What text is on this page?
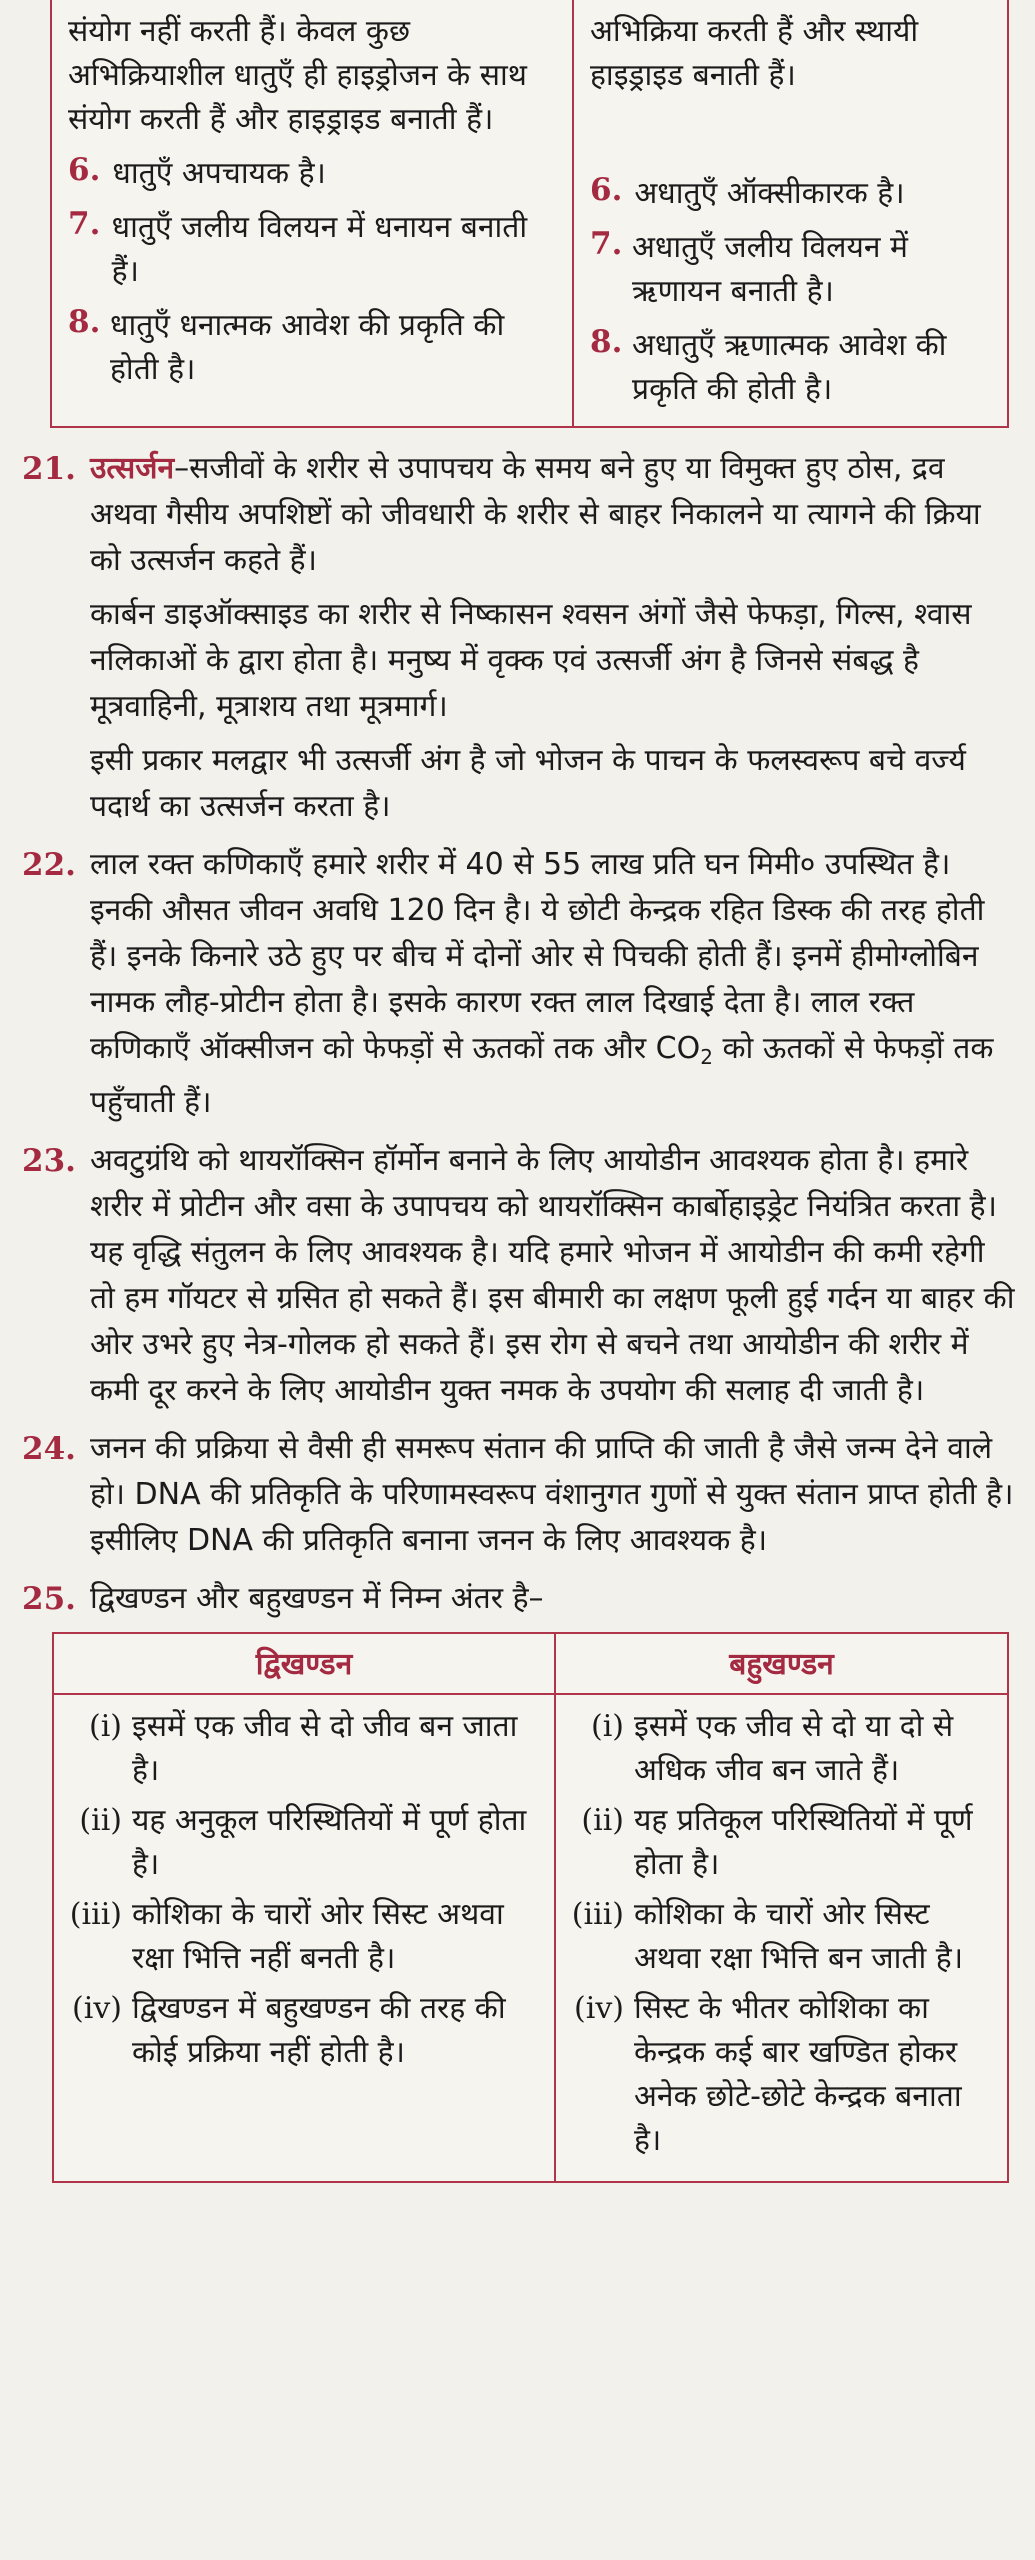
संयोग नहीं करती हैं। केवल कुछ अभिक्रियाशील धातुएँ ही हाइड्रोजन के साथ संयोग करती हैं और हाइड्राइड बनाती हैं।
6. धातुएँ अपचायक है।
7. धातुएँ जलीय विलयन में धनायन बनाती हैं।
8. धातुएँ धनात्मक आवेश की प्रकृति की होती है।
अभिक्रिया करती हैं और स्थायी हाइड्राइड बनाती हैं।
6. अधातुएँ ऑक्सीकारक है।
7. अधातुएँ जलीय विलयन में ऋणायन बनाती है।
8. अधातुएँ ऋणात्मक आवेश की प्रकृति की होती है।
21. उत्सर्जन–सजीवों के शरीर से उपापचय के समय बने हुए या विमुक्त हुए ठोस, द्रव अथवा गैसीय अपशिष्टों को जीवधारी के शरीर से बाहर निकालने या त्यागने की क्रिया को उत्सर्जन कहते हैं।
कार्बन डाइऑक्साइड का शरीर से निष्कासन श्वसन अंगों जैसे फेफड़ा, गिल्स, श्वास नलिकाओं के द्वारा होता है। मनुष्य में वृक्क एवं उत्सर्जी अंग है जिनसे संबद्ध है मूत्रवाहिनी, मूत्राशय तथा मूत्रमार्ग।
इसी प्रकार मलद्वार भी उत्सर्जी अंग है जो भोजन के पाचन के फलस्वरूप बचे वर्ज्य पदार्थ का उत्सर्जन करता है।
22. लाल रक्त कणिकाएँ हमारे शरीर में 40 से 55 लाख प्रति घन मिमी० उपस्थित है। इनकी औसत जीवन अवधि 120 दिन है। ये छोटी केन्द्रक रहित डिस्क की तरह होती हैं। इनके किनारे उठे हुए पर बीच में दोनों ओर से पिचकी होती हैं। इनमें हीमोग्लोबिन नामक लौह-प्रोटीन होता है। इसके कारण रक्त लाल दिखाई देता है। लाल रक्त कणिकाएँ ऑक्सीजन को फेफड़ों से ऊतकों तक और $CO_2$ को ऊतकों से फेफड़ों तक पहुँचाती हैं।
23. अवटुग्रंथि को थायरॉक्सिन हॉर्मोन बनाने के लिए आयोडीन आवश्यक होता है। हमारे शरीर में प्रोटीन और वसा के उपापचय को थायरॉक्सिन कार्बोहाइड्रेट नियंत्रित करता है। यह वृद्धि संतुलन के लिए आवश्यक है। यदि हमारे भोजन में आयोडीन की कमी रहेगी तो हम गॉयटर से ग्रसित हो सकते हैं। इस बीमारी का लक्षण फूली हुई गर्दन या बाहर की ओर उभरे हुए नेत्र-गोलक हो सकते हैं। इस रोग से बचने तथा आयोडीन की शरीर में कमी दूर करने के लिए आयोडीन युक्त नमक के उपयोग की सलाह दी जाती है।
24. जनन की प्रक्रिया से वैसी ही समरूप संतान की प्राप्ति की जाती है जैसे जन्म देने वाले हो। DNA की प्रतिकृति के परिणामस्वरूप वंशानुगत गुणों से युक्त संतान प्राप्त होती है। इसीलिए DNA की प्रतिकृति बनाना जनन के लिए आवश्यक है।
25. द्विखण्डन और बहुखण्डन में निम्न अंतर है–
द्विखण्डन	बहुखण्डन
(i) इसमें एक जीव से दो जीव बन जाता है।
(ii) यह अनुकूल परिस्थितियों में पूर्ण होता है।
(iii) कोशिका के चारों ओर सिस्ट अथवा रक्षा भित्ति नहीं बनती है।
(iv) द्विखण्डन में बहुखण्डन की तरह की कोई प्रक्रिया नहीं होती है।
(i) इसमें एक जीव से दो या दो से अधिक जीव बन जाते हैं।
(ii) यह प्रतिकूल परिस्थितियों में पूर्ण होता है।
(iii) कोशिका के चारों ओर सिस्ट अथवा रक्षा भित्ति बन जाती है।
(iv) सिस्ट के भीतर कोशिका का केन्द्रक कई बार खण्डित होकर अनेक छोटे-छोटे केन्द्रक बनाता है।
